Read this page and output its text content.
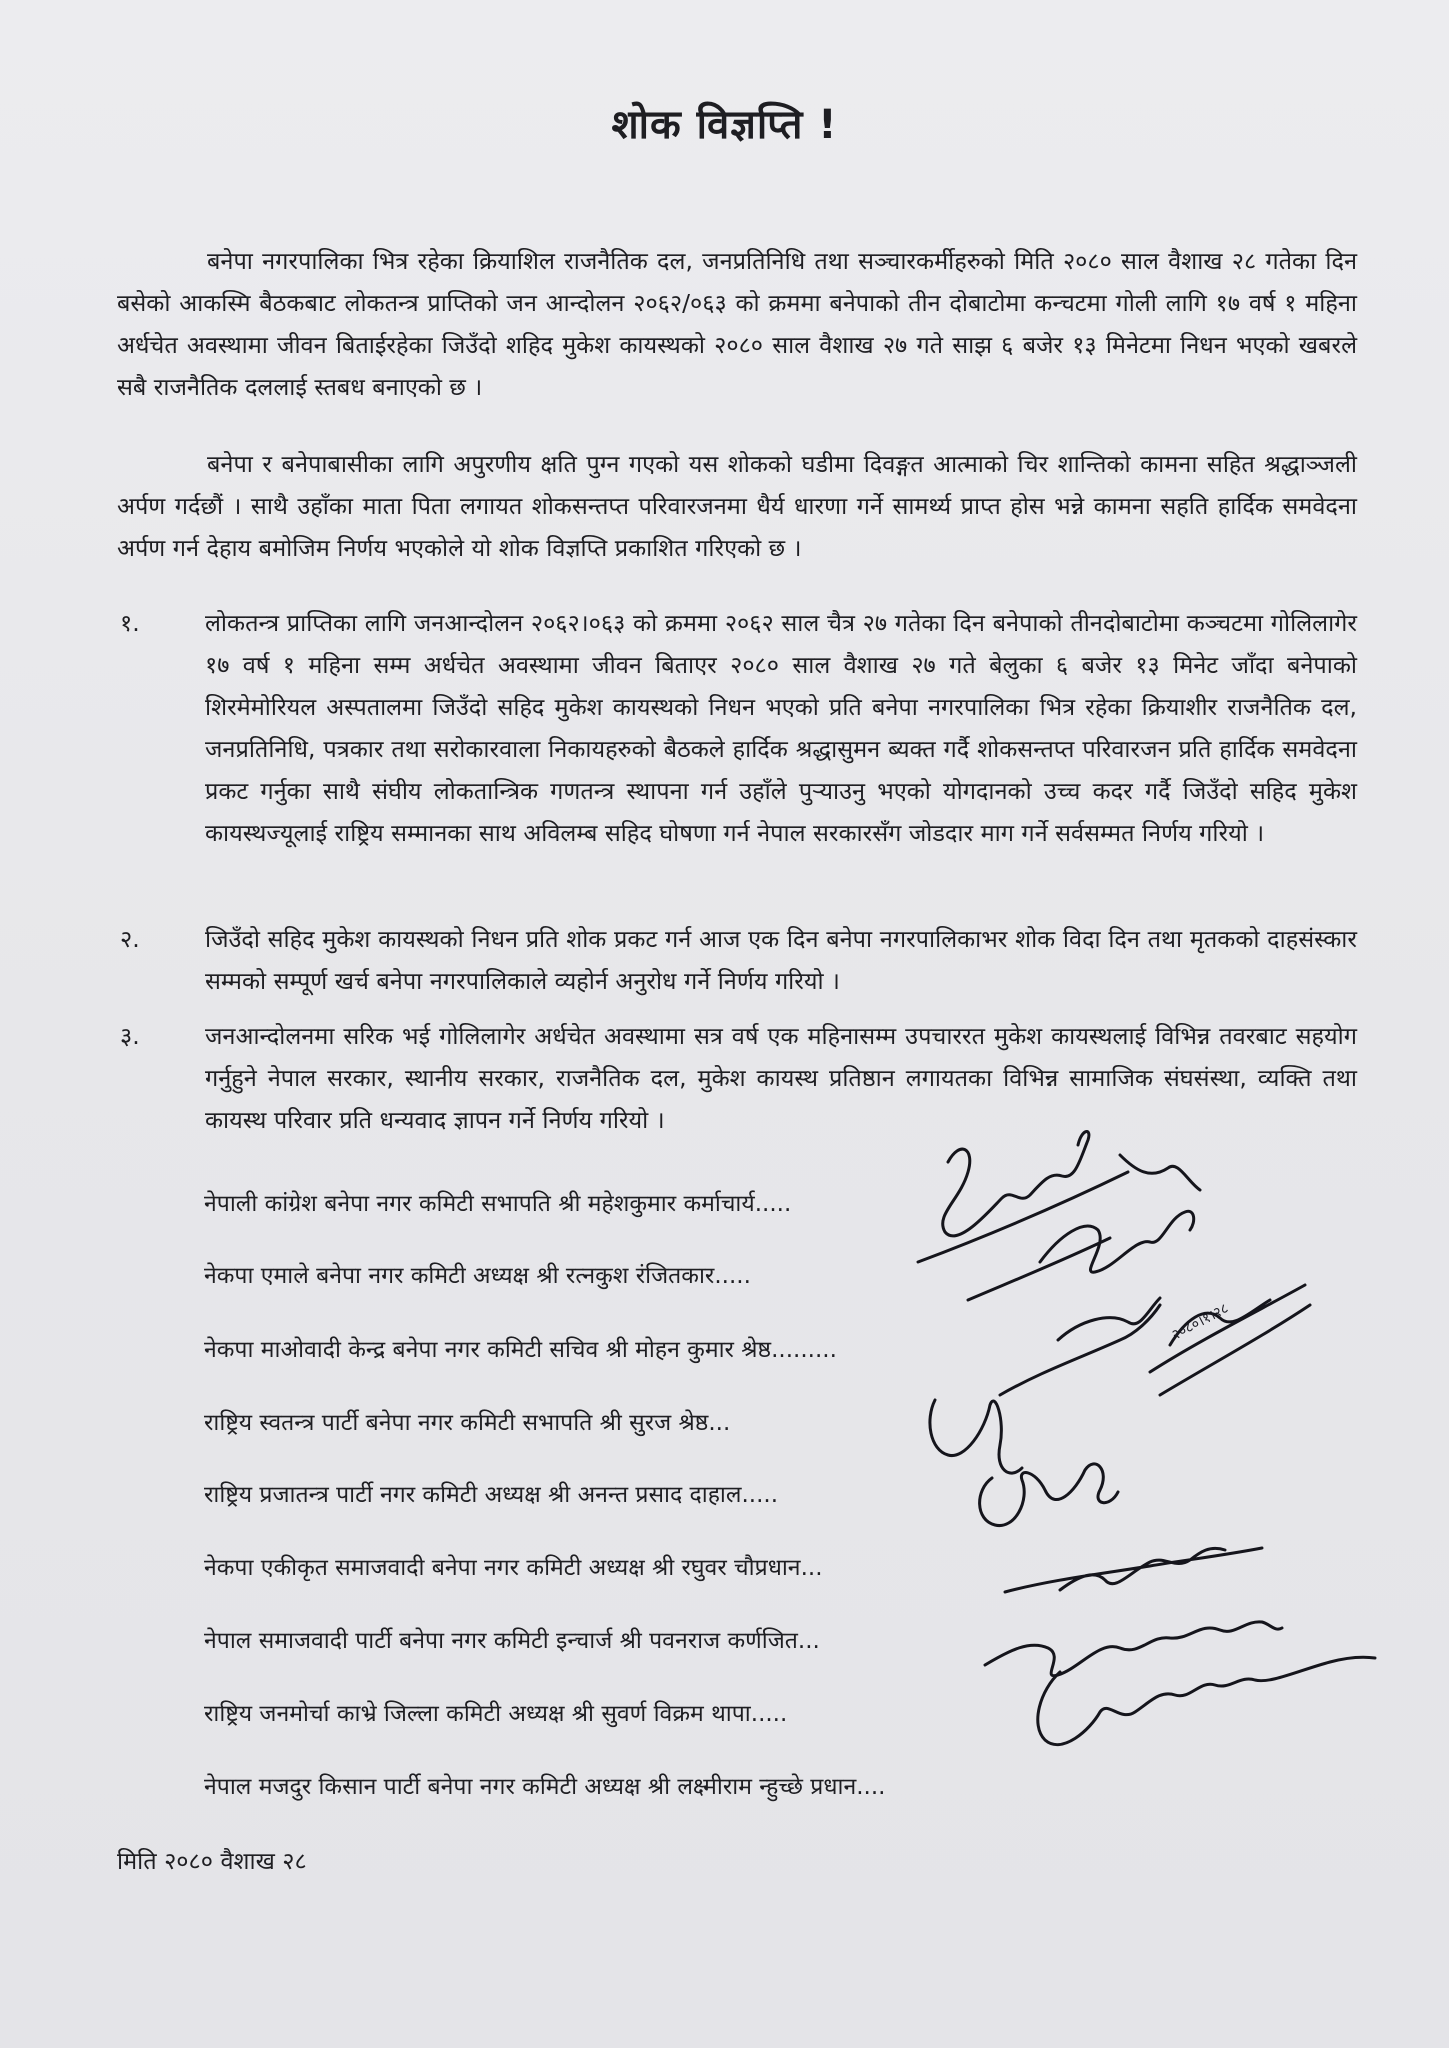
शोक विज्ञप्ति !

बनेपा नगरपालिका भित्र रहेका क्रियाशिल राजनैतिक दल, जनप्रतिनिधि तथा सञ्चारकर्मीहरुको मिति २०८० साल वैशाख २८ गतेका दिन बसेको आकस्मि बैठकबाट लोकतन्त्र प्राप्तिको जन आन्दोलन २०६२/०६३ को क्रममा बनेपाको तीन दोबाटोमा कन्चटमा गोली लागि १७ वर्ष १ महिना अर्धचेत अवस्थामा जीवन बिताईरहेका जिउँदो शहिद मुकेश कायस्थको २०८० साल वैशाख २७ गते साझ ६ बजेर १३ मिनेटमा निधन भएको खबरले सबै राजनैतिक दललाई स्तबध बनाएको छ ।

बनेपा र बनेपाबासीका लागि अपुरणीय क्षति पुग्न गएको यस शोकको घडीमा दिवङ्गत आत्माको चिर शान्तिको कामना सहित श्रद्धाञ्जली अर्पण गर्दछौं । साथै उहाँका माता पिता लगायत शोकसन्तप्त परिवारजनमा धैर्य धारणा गर्ने सामर्थ्य प्राप्त होस भन्ने कामना सहति हार्दिक समवेदना अर्पण गर्न देहाय बमोजिम निर्णय भएकोले यो शोक विज्ञप्ति प्रकाशित गरिएको छ ।

१.	लोकतन्त्र प्राप्तिका लागि जनआन्दोलन २०६२।०६३ को क्रममा २०६२ साल चैत्र २७ गतेका दिन बनेपाको तीनदोबाटोमा कञ्चटमा गोलिलागेर १७ वर्ष १ महिना सम्म अर्धचेत अवस्थामा जीवन बिताएर २०८० साल वैशाख २७ गते बेलुका ६ बजेर १३ मिनेट जाँदा बनेपाको शिरमेमोरियल अस्पतालमा जिउँदो सहिद मुकेश कायस्थको निधन भएको प्रति बनेपा नगरपालिका भित्र रहेका क्रियाशीर राजनैतिक दल, जनप्रतिनिधि, पत्रकार तथा सरोकारवाला निकायहरुको बैठकले हार्दिक श्रद्धासुमन ब्यक्त गर्दै शोकसन्तप्त परिवारजन प्रति हार्दिक समवेदना प्रकट गर्नुका साथै संघीय लोकतान्त्रिक गणतन्त्र स्थापना गर्न उहाँले पुऱ्याउनु भएको योगदानको उच्च कदर गर्दै जिउँदो सहिद मुकेश कायस्थज्यूलाई राष्ट्रिय सम्मानका साथ अविलम्ब सहिद घोषणा गर्न नेपाल सरकारसँग जोडदार माग गर्ने सर्वसम्मत निर्णय गरियो ।

२.	जिउँदो सहिद मुकेश कायस्थको निधन प्रति शोक प्रकट गर्न आज एक दिन बनेपा नगरपालिकाभर शोक विदा दिन तथा मृतकको दाहसंस्कार सम्मको सम्पूर्ण खर्च बनेपा नगरपालिकाले व्यहोर्न अनुरोध गर्ने निर्णय गरियो ।

३.	जनआन्दोलनमा सरिक भई गोलिलागेर अर्धचेत अवस्थामा सत्र वर्ष एक महिनासम्म उपचाररत मुकेश कायस्थलाई विभिन्न तवरबाट सहयोग गर्नुहुने नेपाल सरकार, स्थानीय सरकार, राजनैतिक दल, मुकेश कायस्थ प्रतिष्ठान लगायतका विभिन्न सामाजिक संघसंस्था, व्यक्ति तथा कायस्थ परिवार प्रति धन्यवाद ज्ञापन गर्ने निर्णय गरियो ।

नेपाली कांग्रेश बनेपा नगर कमिटी सभापति श्री महेशकुमार कर्माचार्य.....
नेकपा एमाले बनेपा नगर कमिटी अध्यक्ष श्री रत्नकुश रंजितकार.....
नेकपा माओवादी केन्द्र बनेपा नगर कमिटी सचिव श्री मोहन कुमार श्रेष्ठ.........
राष्ट्रिय स्वतन्त्र पार्टी बनेपा नगर कमिटी सभापति श्री सुरज श्रेष्ठ...
राष्ट्रिय प्रजातन्त्र पार्टी नगर कमिटी अध्यक्ष श्री अनन्त प्रसाद दाहाल.....
नेकपा एकीकृत समाजवादी बनेपा नगर कमिटी अध्यक्ष श्री रघुवर चौप्रधान...
नेपाल समाजवादी पार्टी बनेपा नगर कमिटी इन्चार्ज श्री पवनराज कर्णजित...
राष्ट्रिय जनमोर्चा काभ्रे जिल्ला कमिटी अध्यक्ष श्री सुवर्ण विक्रम थापा.....
नेपाल मजदुर किसान पार्टी बनेपा नगर कमिटी अध्यक्ष श्री लक्ष्मीराम न्हुच्छे प्रधान....
मिति २०८० वैशाख २८
२०८०।१।२८
